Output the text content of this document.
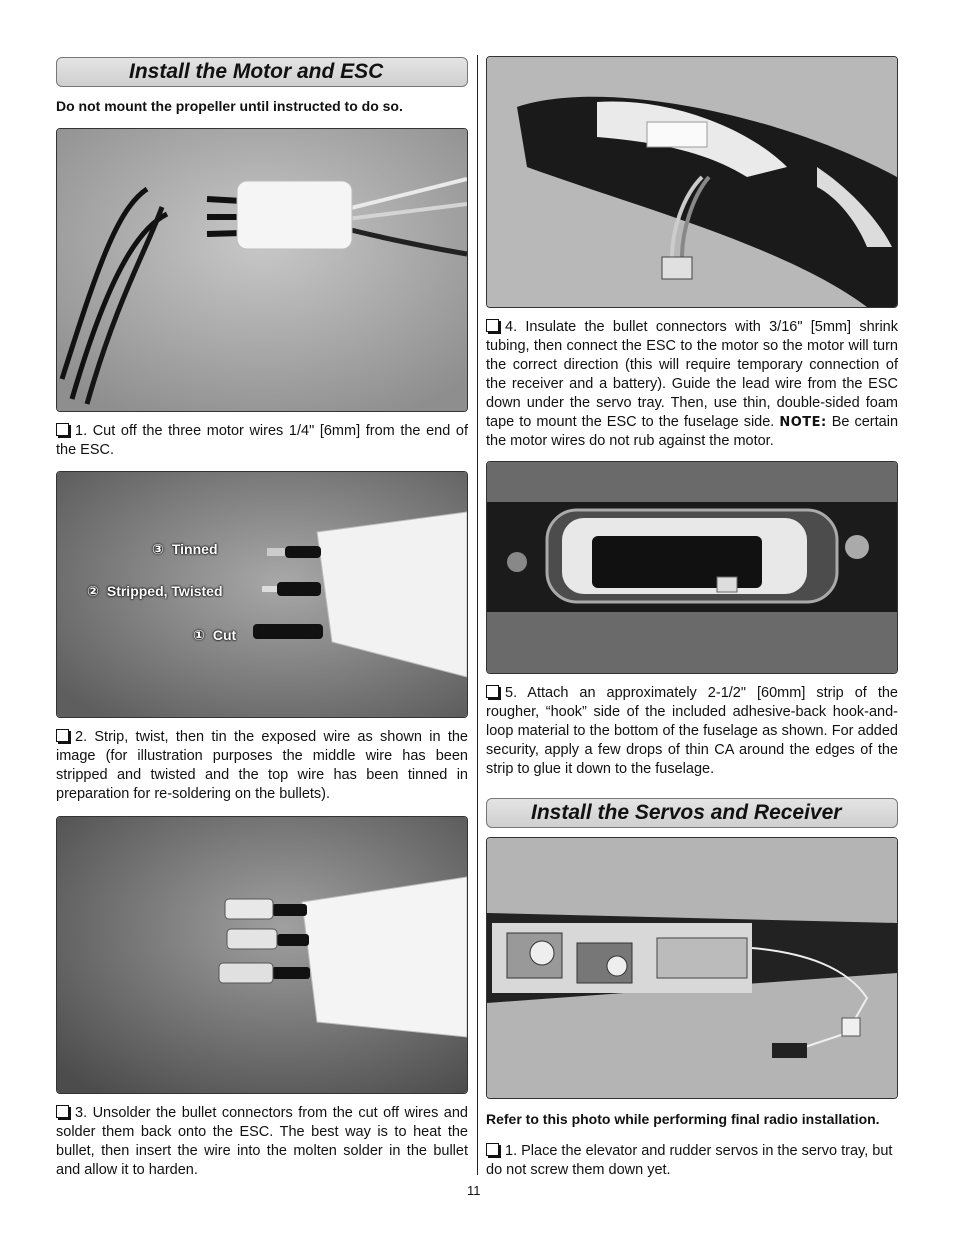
Install the Motor and ESC
Do not mount the propeller until instructed to do so.

1. Cut off the three motor wires 1/4" [6mm] from the end of the ESC.

③ Tinned
② Stripped, Twisted
① Cut

2. Strip, twist, then tin the exposed wire as shown in the image (for illustration purposes the middle wire has been stripped and twisted and the top wire has been tinned in preparation for re-soldering on the bullets).

3. Unsolder the bullet connectors from the cut off wires and solder them back onto the ESC. The best way is to heat the bullet, then insert the wire into the molten solder in the bullet and allow it to harden.

4. Insulate the bullet connectors with 3/16" [5mm] shrink tubing, then connect the ESC to the motor so the motor will turn the correct direction (this will require temporary connection of the receiver and a battery). Guide the lead wire from the ESC down under the servo tray. Then, use thin, double-sided foam tape to mount the ESC to the fuselage side. NOTE: Be certain the motor wires do not rub against the motor.

5. Attach an approximately 2-1/2" [60mm] strip of the rougher, “hook” side of the included adhesive-back hook-and-loop material to the bottom of the fuselage as shown. For added security, apply a few drops of thin CA around the edges of the strip to glue it down to the fuselage.

Install the Servos and Receiver
Refer to this photo while performing final radio installation.

1. Place the elevator and rudder servos in the servo tray, but do not screw them down yet.

11
